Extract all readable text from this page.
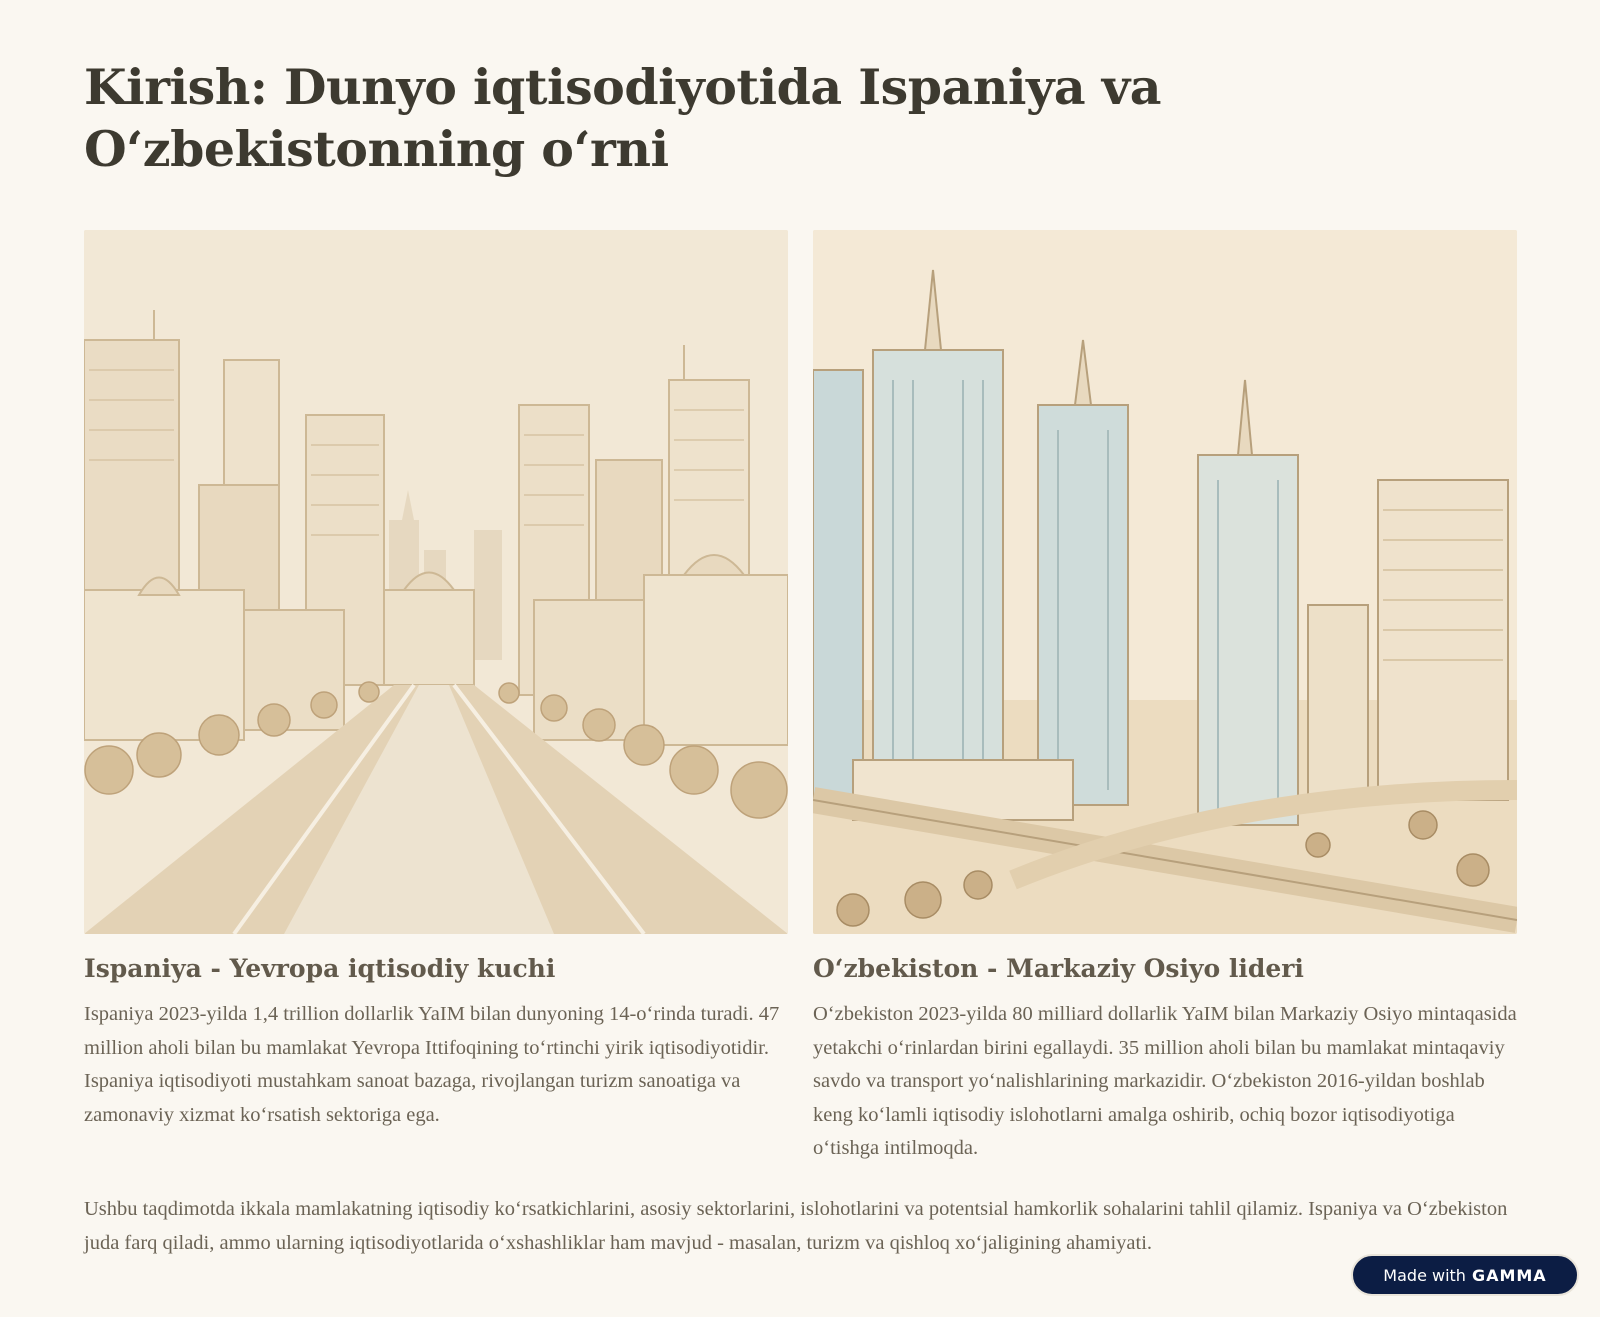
Kirish: Dunyo iqtisodiyotida Ispaniya va Oʻzbekistonning oʻrni
Ispaniya - Yevropa iqtisodiy kuchi

Ispaniya 2023-yilda 1,4 trillion dollarlik YaIM bilan dunyoning 14-oʻrinda turadi. 47 million aholi bilan bu mamlakat Yevropa Ittifoqining toʻrtinchi yirik iqtisodiyotidir. Ispaniya iqtisodiyoti mustahkam sanoat bazaga, rivojlangan turizm sanoatiga va zamonaviy xizmat koʻrsatish sektoriga ega.

Oʻzbekiston - Markaziy Osiyo lideri

Oʻzbekiston 2023-yilda 80 milliard dollarlik YaIM bilan Markaziy Osiyo mintaqasida yetakchi oʻrinlardan birini egallaydi. 35 million aholi bilan bu mamlakat mintaqaviy savdo va transport yoʻnalishlarining markazidir. Oʻzbekiston 2016-yildan boshlab keng koʻlamli iqtisodiy islohotlarni amalga oshirib, ochiq bozor iqtisodiyotiga oʻtishga intilmoqda.

Ushbu taqdimotda ikkala mamlakatning iqtisodiy koʻrsatkichlarini, asosiy sektorlarini, islohotlarini va potentsial hamkorlik sohalarini tahlil qilamiz. Ispaniya va Oʻzbekiston juda farq qiladi, ammo ularning iqtisodiyotlarida oʻxshashliklar ham mavjud - masalan, turizm va qishloq xoʻjaligining ahamiyati.

Made with GAMMA
